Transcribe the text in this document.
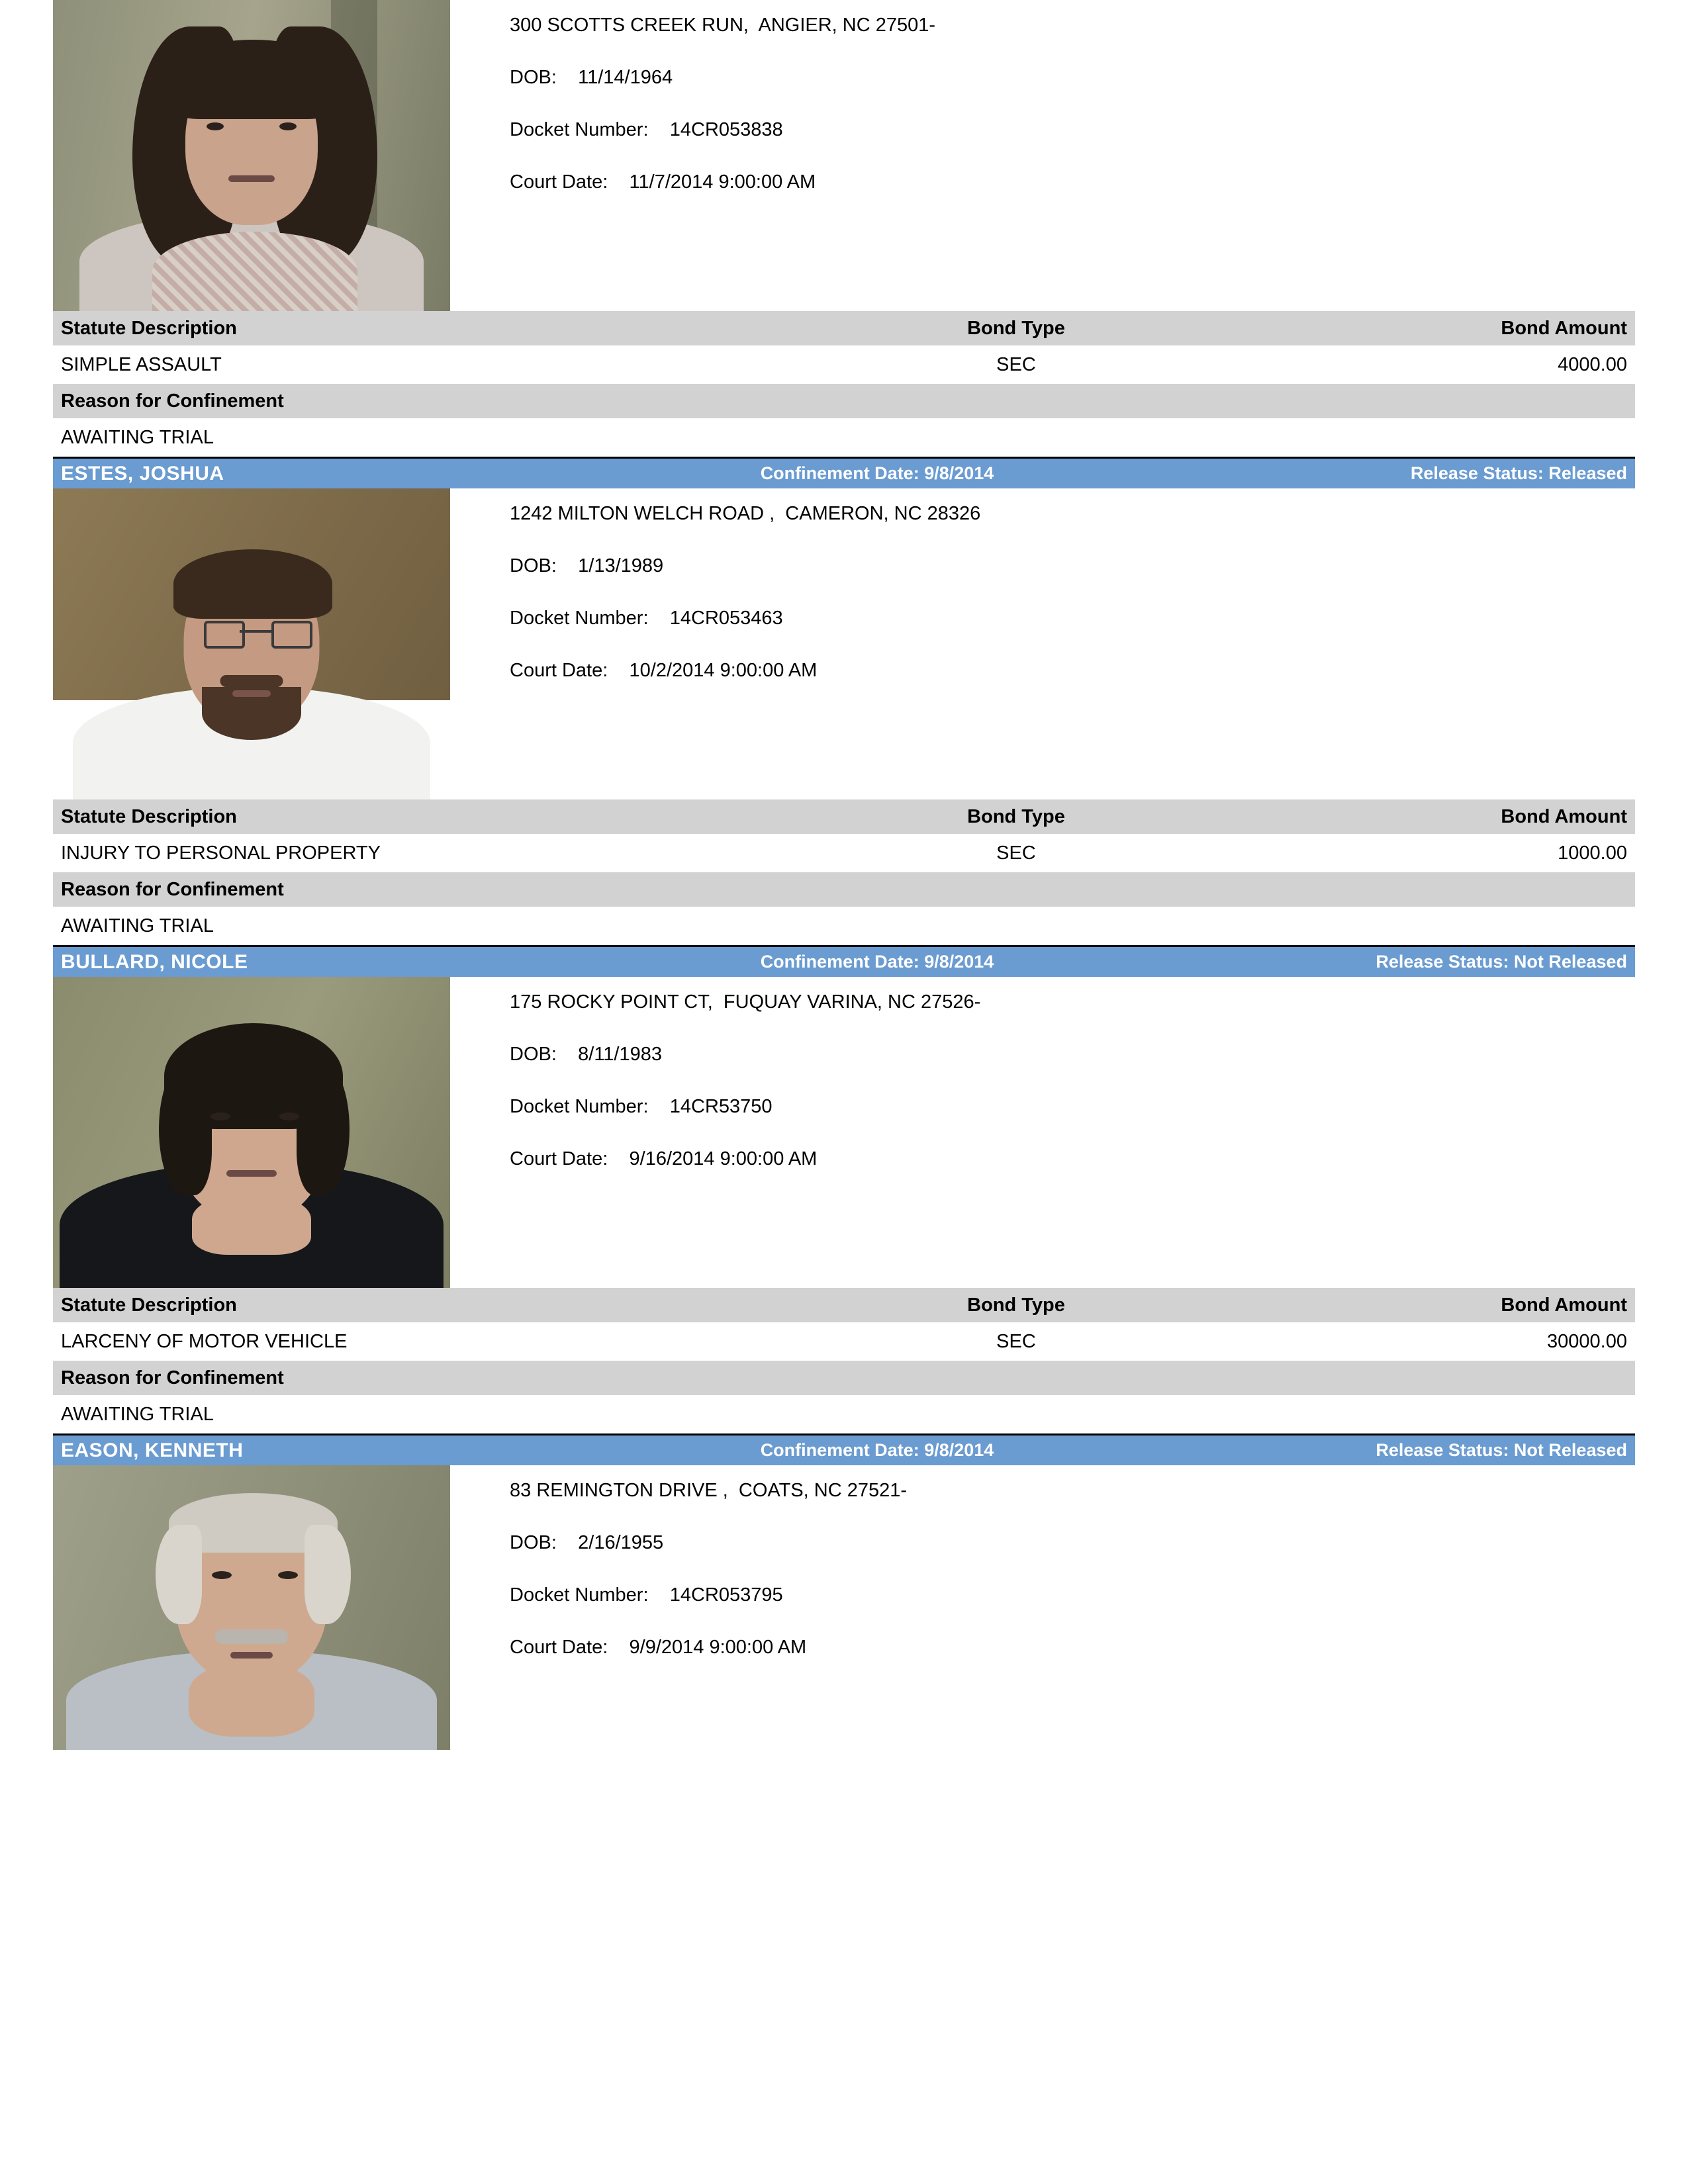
300 SCOTTS CREEK RUN,  ANGIER, NC 27501-
DOB: 11/14/1964
Docket Number: 14CR053838
Court Date: 11/7/2014 9:00:00 AM
Statute Description	Bond Type	Bond Amount
SIMPLE ASSAULT	SEC	4000.00
Reason for Confinement
AWAITING TRIAL
ESTES, JOSHUA	Confinement Date: 9/8/2014	Release Status: Released
1242 MILTON WELCH ROAD ,  CAMERON, NC 28326
DOB: 1/13/1989
Docket Number: 14CR053463
Court Date: 10/2/2014 9:00:00 AM
Statute Description	Bond Type	Bond Amount
INJURY TO PERSONAL PROPERTY	SEC	1000.00
Reason for Confinement
AWAITING TRIAL
BULLARD, NICOLE	Confinement Date: 9/8/2014	Release Status: Not Released
175 ROCKY POINT CT,  FUQUAY VARINA, NC 27526-
DOB: 8/11/1983
Docket Number: 14CR53750
Court Date: 9/16/2014 9:00:00 AM
Statute Description	Bond Type	Bond Amount
LARCENY OF MOTOR VEHICLE	SEC	30000.00
Reason for Confinement
AWAITING TRIAL
EASON, KENNETH	Confinement Date: 9/8/2014	Release Status: Not Released
83 REMINGTON DRIVE ,  COATS, NC 27521-
DOB: 2/16/1955
Docket Number: 14CR053795
Court Date: 9/9/2014 9:00:00 AM
